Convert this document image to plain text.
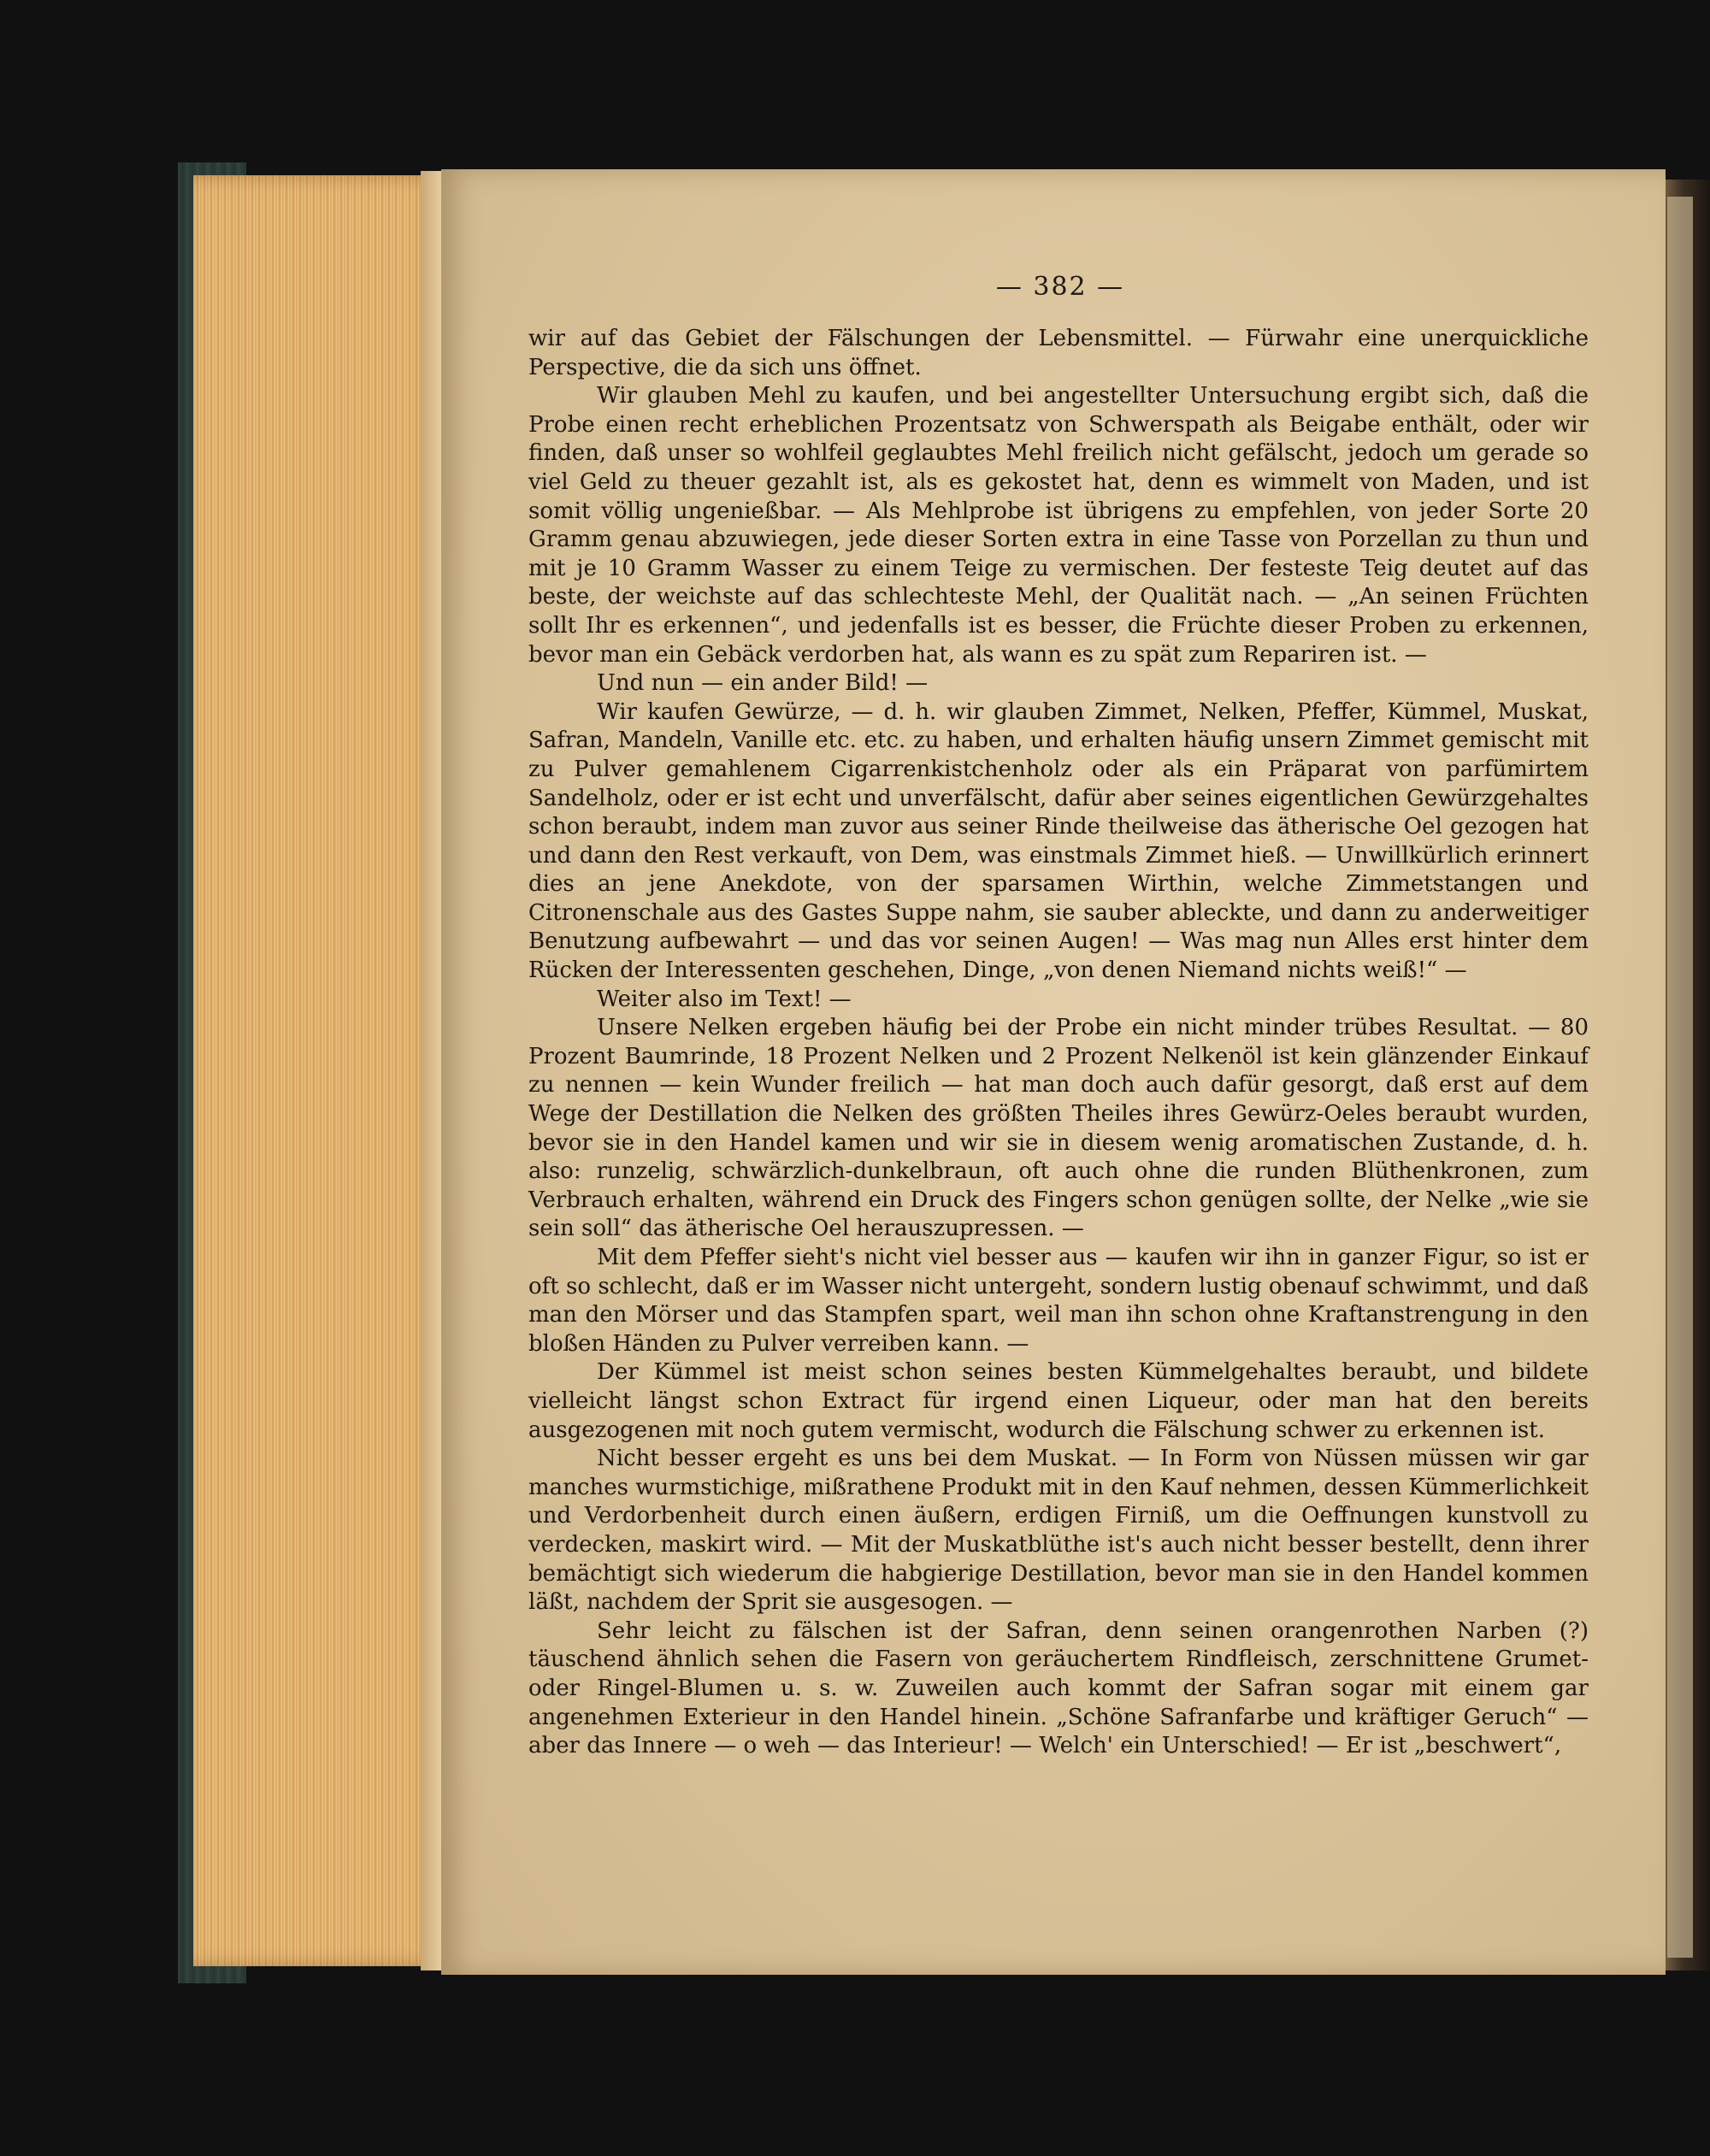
— 382 —

wir auf das Gebiet der Fälschungen der Lebensmittel. — Fürwahr eine unerquickliche Perspective, die da sich uns öffnet.

Wir glauben Mehl zu kaufen, und bei angestellter Untersuchung ergibt sich, daß die Probe einen recht erheblichen Prozentsatz von Schwerspath als Beigabe enthält, oder wir finden, daß unser so wohlfeil geglaubtes Mehl freilich nicht gefälscht, jedoch um gerade so viel Geld zu theuer gezahlt ist, als es gekostet hat, denn es wimmelt von Maden, und ist somit völlig ungenießbar. — Als Mehlprobe ist übrigens zu empfehlen, von jeder Sorte 20 Gramm genau abzuwiegen, jede dieser Sorten extra in eine Tasse von Porzellan zu thun und mit je 10 Gramm Wasser zu einem Teige zu vermischen. Der festeste Teig deutet auf das beste, der weichste auf das schlechteste Mehl, der Qualität nach. — „An seinen Früchten sollt Ihr es erkennen“, und jedenfalls ist es besser, die Früchte dieser Proben zu erkennen, bevor man ein Gebäck verdorben hat, als wann es zu spät zum Repariren ist. —

Und nun — ein ander Bild! —

Wir kaufen Gewürze, — d. h. wir glauben Zimmet, Nelken, Pfeffer, Kümmel, Muskat, Safran, Mandeln, Vanille etc. etc. zu haben, und erhalten häufig unsern Zimmet gemischt mit zu Pulver gemahlenem Cigarrenkistchenholz oder als ein Präparat von parfümirtem Sandelholz, oder er ist echt und unverfälscht, dafür aber seines eigentlichen Gewürzgehaltes schon beraubt, indem man zuvor aus seiner Rinde theilweise das ätherische Oel gezogen hat und dann den Rest verkauft, von Dem, was einstmals Zimmet hieß. — Unwillkürlich erinnert dies an jene Anekdote, von der sparsamen Wirthin, welche Zimmetstangen und Citronenschale aus des Gastes Suppe nahm, sie sauber ableckte, und dann zu anderweitiger Benutzung aufbewahrt — und das vor seinen Augen! — Was mag nun Alles erst hinter dem Rücken der Interessenten geschehen, Dinge, „von denen Niemand nichts weiß!“ —

Weiter also im Text! —

Unsere Nelken ergeben häufig bei der Probe ein nicht minder trübes Resultat. — 80 Prozent Baumrinde, 18 Prozent Nelken und 2 Prozent Nelkenöl ist kein glänzender Einkauf zu nennen — kein Wunder freilich — hat man doch auch dafür gesorgt, daß erst auf dem Wege der Destillation die Nelken des größten Theiles ihres Gewürz-Oeles beraubt wurden, bevor sie in den Handel kamen und wir sie in diesem wenig aromatischen Zustande, d. h. also: runzelig, schwärzlich-dunkelbraun, oft auch ohne die runden Blüthenkronen, zum Verbrauch erhalten, während ein Druck des Fingers schon genügen sollte, der Nelke „wie sie sein soll“ das ätherische Oel herauszupressen. —

Mit dem Pfeffer sieht's nicht viel besser aus — kaufen wir ihn in ganzer Figur, so ist er oft so schlecht, daß er im Wasser nicht untergeht, sondern lustig obenauf schwimmt, und daß man den Mörser und das Stampfen spart, weil man ihn schon ohne Kraftanstrengung in den bloßen Händen zu Pulver verreiben kann. —

Der Kümmel ist meist schon seines besten Kümmelgehaltes beraubt, und bildete vielleicht längst schon Extract für irgend einen Liqueur, oder man hat den bereits ausgezogenen mit noch gutem vermischt, wodurch die Fälschung schwer zu erkennen ist.

Nicht besser ergeht es uns bei dem Muskat. — In Form von Nüssen müssen wir gar manches wurmstichige, mißrathene Produkt mit in den Kauf nehmen, dessen Kümmerlichkeit und Verdorbenheit durch einen äußern, erdigen Firniß, um die Oeffnungen kunstvoll zu verdecken, maskirt wird. — Mit der Muskatblüthe ist's auch nicht besser bestellt, denn ihrer bemächtigt sich wiederum die habgierige Destillation, bevor man sie in den Handel kommen läßt, nachdem der Sprit sie ausgesogen. —

Sehr leicht zu fälschen ist der Safran, denn seinen orangenrothen Narben (?) täuschend ähnlich sehen die Fasern von geräuchertem Rindfleisch, zerschnittene Grumet- oder Ringel-Blumen u. s. w. Zuweilen auch kommt der Safran sogar mit einem gar angenehmen Exterieur in den Handel hinein. „Schöne Safranfarbe und kräftiger Geruch“ — aber das Innere — o weh — das Interieur! — Welch' ein Unterschied! — Er ist „beschwert“,
